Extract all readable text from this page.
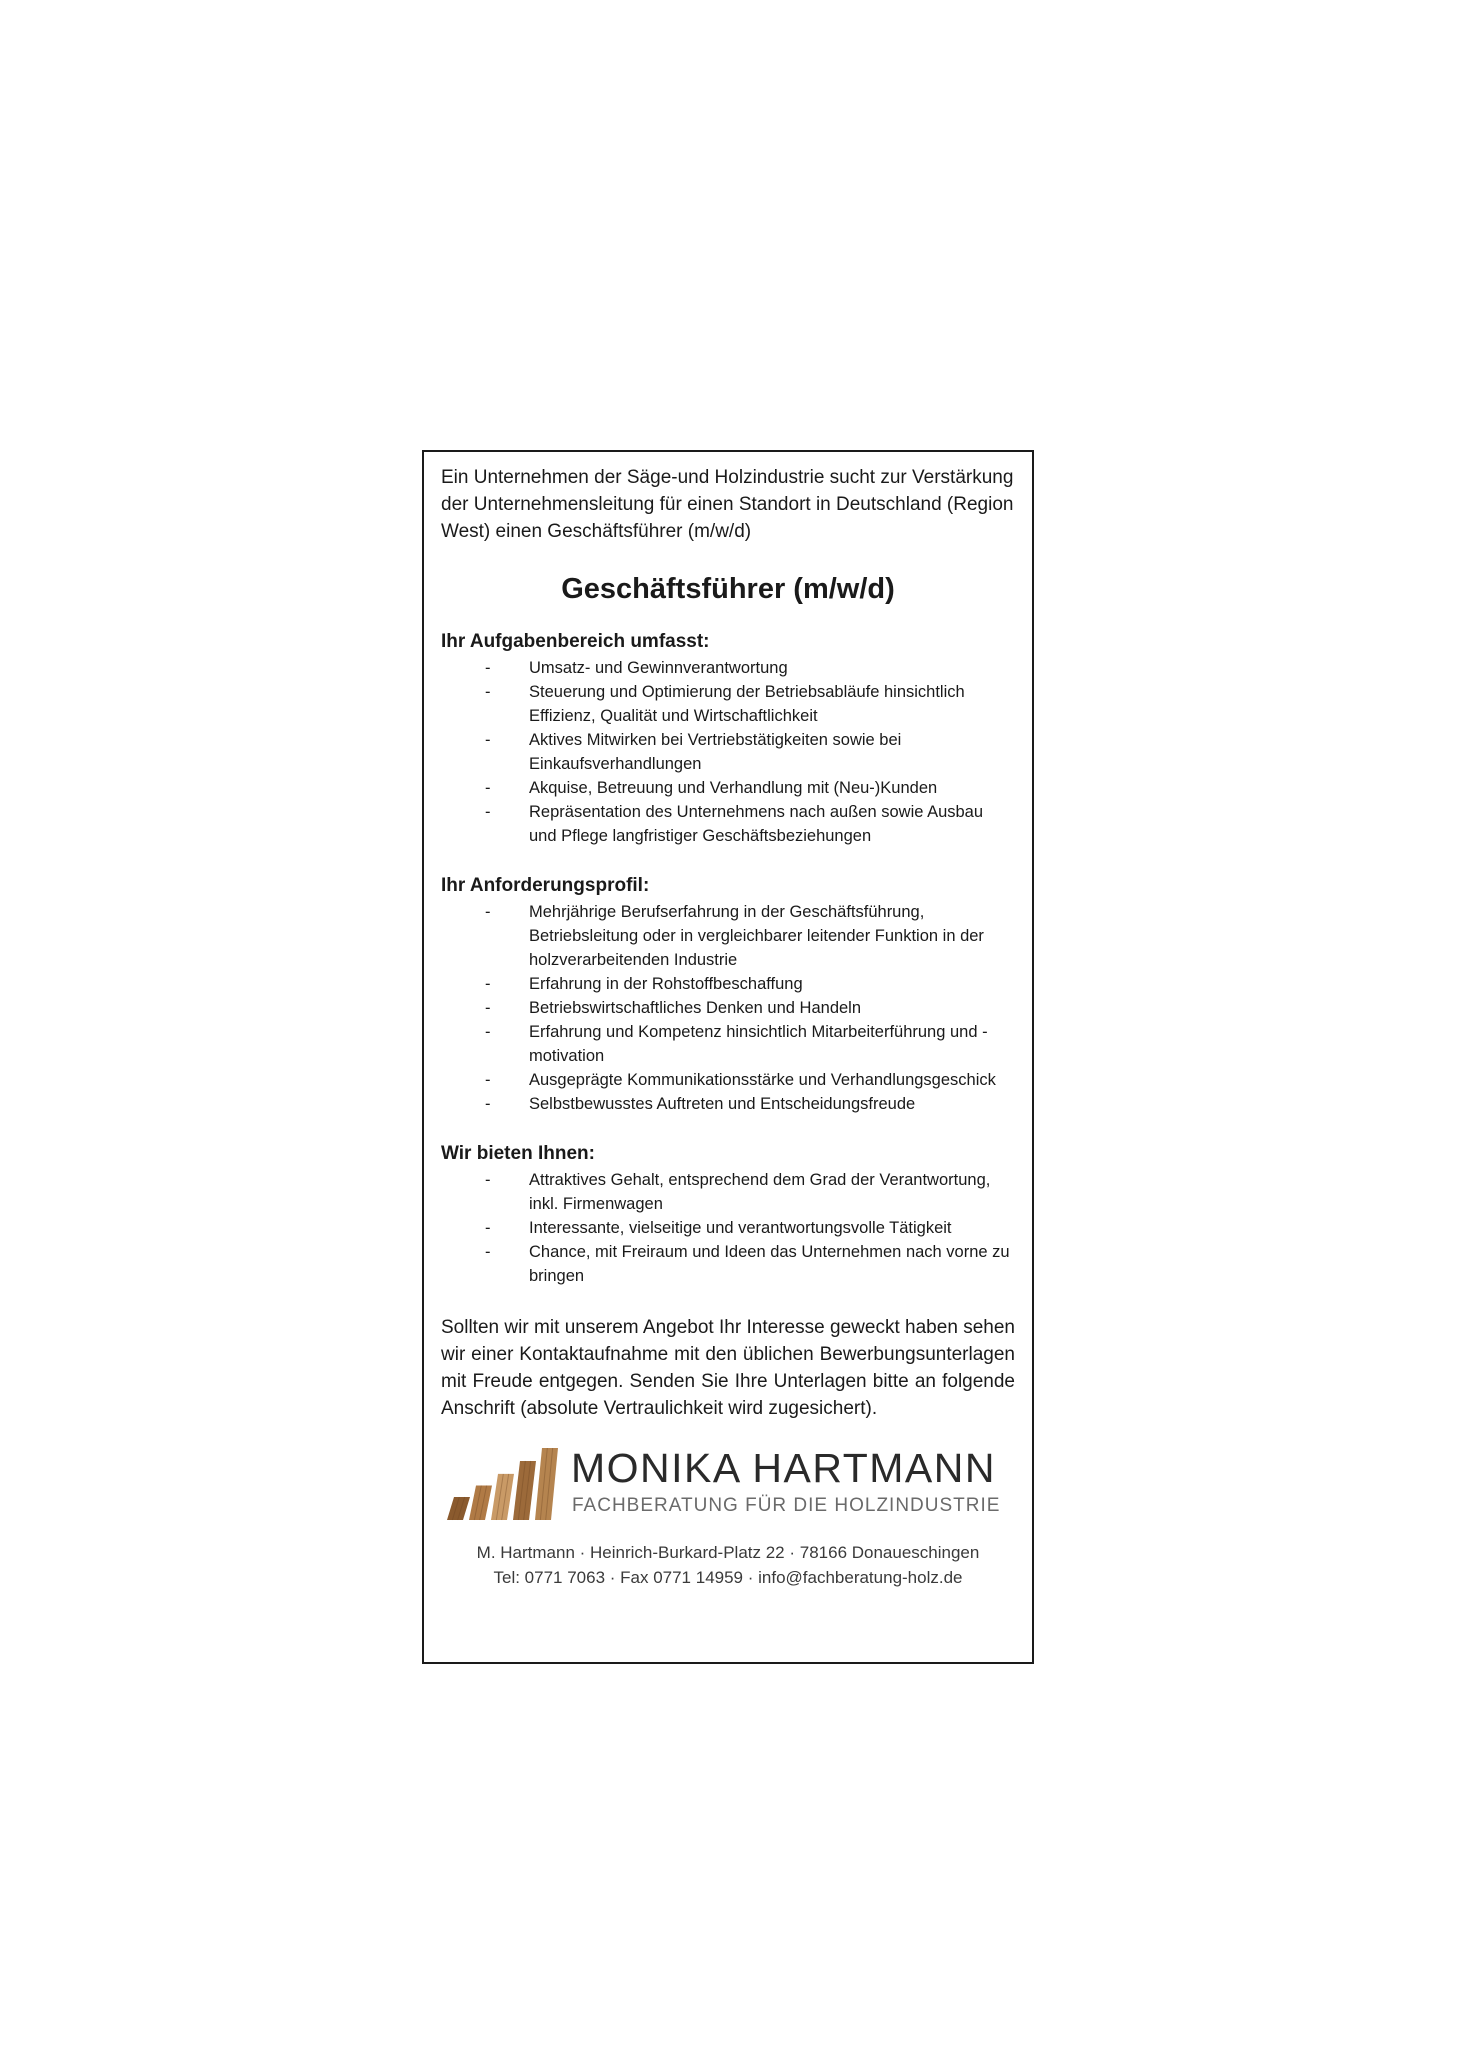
Ein Unternehmen der Säge-und Holzindustrie sucht zur Verstärkung der Unternehmensleitung für einen Standort in Deutschland (Region West) einen Geschäftsführer (m/w/d)

Geschäftsführer (m/w/d)
Ihr Aufgabenbereich umfasst:
- Umsatz- und Gewinnverantwortung
- Steuerung und Optimierung der Betriebsabläufe hinsichtlich Effizienz, Qualität und Wirtschaftlichkeit
- Aktives Mitwirken bei Vertriebstätigkeiten sowie bei Einkaufsverhandlungen
- Akquise, Betreuung und Verhandlung mit (Neu-)Kunden
- Repräsentation des Unternehmens nach außen sowie Ausbau und Pflege langfristiger Geschäftsbeziehungen
Ihr Anforderungsprofil:
- Mehrjährige Berufserfahrung in der Geschäftsführung, Betriebsleitung oder in vergleichbarer leitender Funktion in der holzverarbeitenden Industrie
- Erfahrung in der Rohstoffbeschaffung
- Betriebswirtschaftliches Denken und Handeln
- Erfahrung und Kompetenz hinsichtlich Mitarbeiterführung und -motivation
- Ausgeprägte Kommunikationsstärke und Verhandlungsgeschick
- Selbstbewusstes Auftreten und Entscheidungsfreude
Wir bieten Ihnen:
- Attraktives Gehalt, entsprechend dem Grad der Verantwortung, inkl. Firmenwagen
- Interessante, vielseitige und verantwortungsvolle Tätigkeit
- Chance, mit Freiraum und Ideen das Unternehmen nach vorne zu bringen

Sollten wir mit unserem Angebot Ihr Interesse geweckt haben sehen wir einer Kontaktaufnahme mit den üblichen Bewerbungsunterlagen mit Freude entgegen. Senden Sie Ihre Unterlagen bitte an folgende Anschrift (absolute Vertraulichkeit wird zugesichert).

MONIKA HARTMANN
FACHBERATUNG FÜR DIE HOLZINDUSTRIE
M. Hartmann · Heinrich-Burkard-Platz 22 · 78166 Donaueschingen
Tel: 0771 7063 · Fax 0771 14959 · info@fachberatung-holz.de
